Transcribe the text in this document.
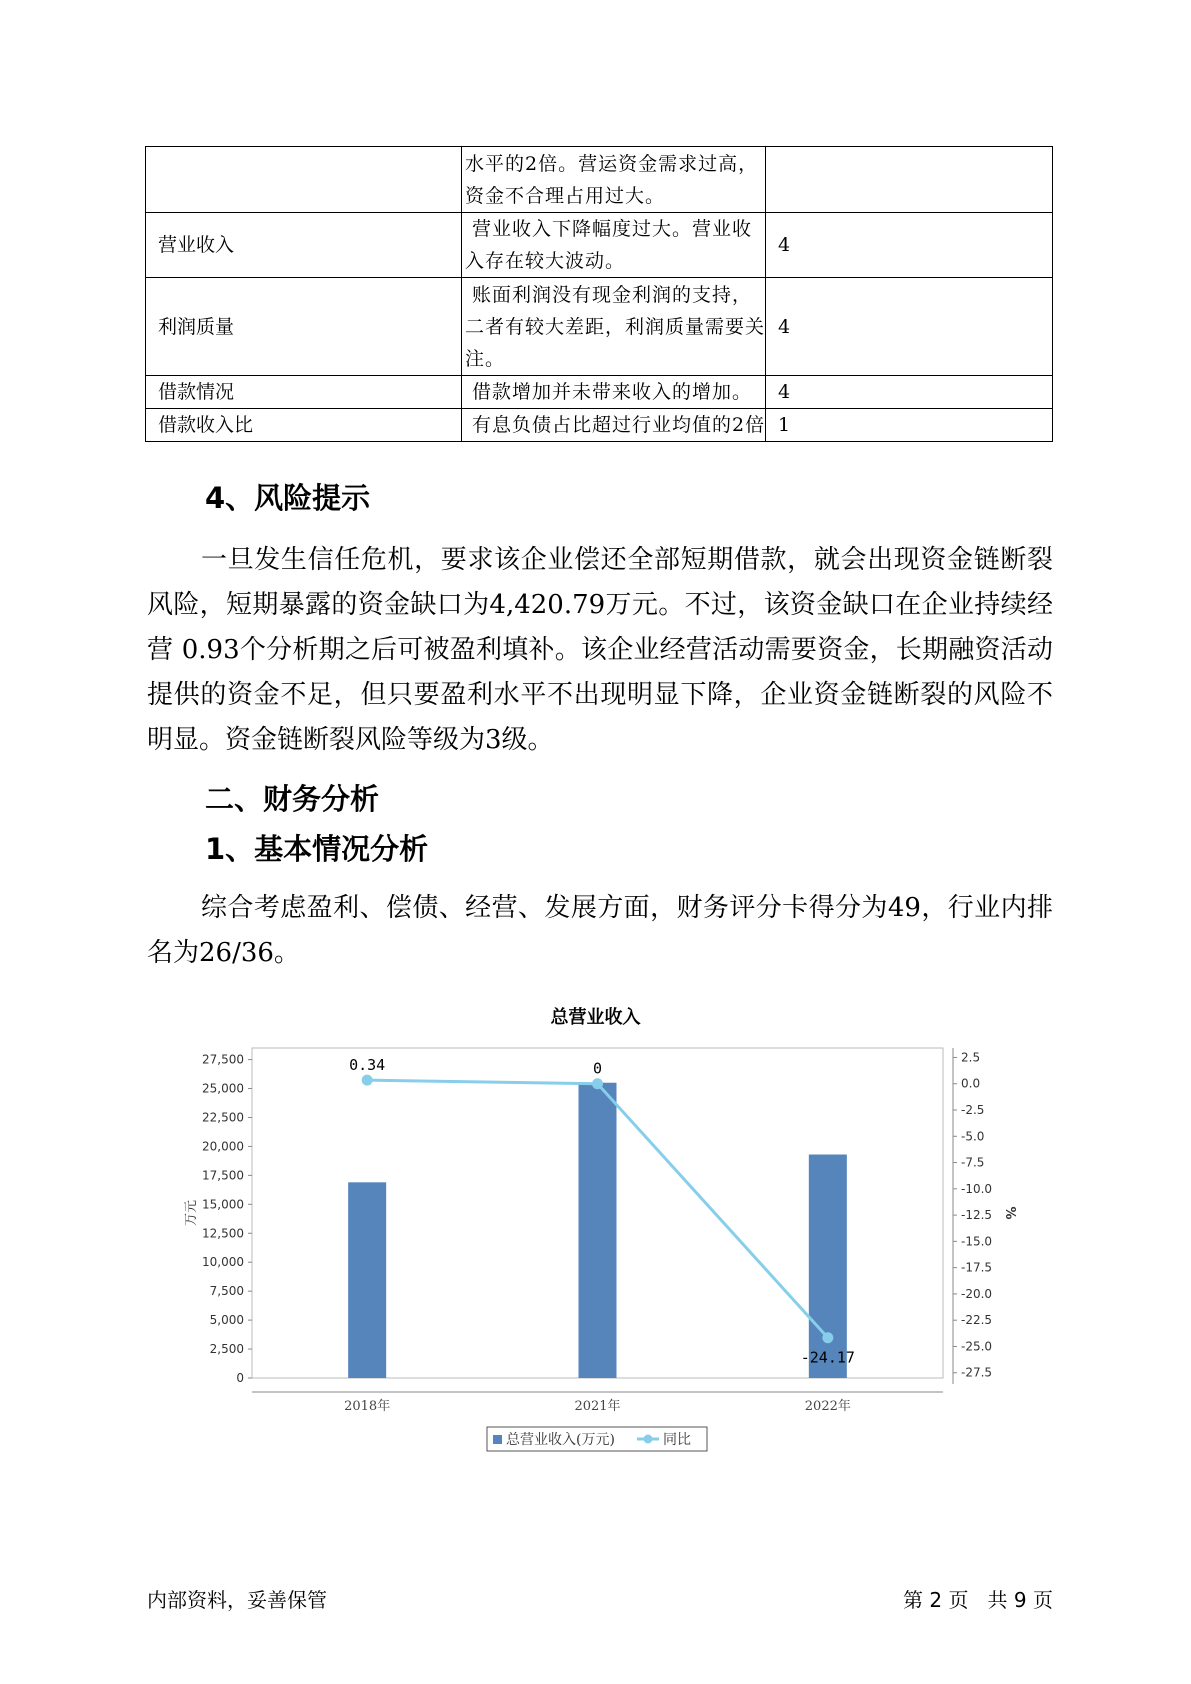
	水平的2倍。营运资金需求过高，
资金不合理占用过大。	

营业收入	营业收入下降幅度过大。营业收
入存在较大波动。	4
利润质量	账面利润没有现金利润的支持，
二者有较大差距，利润质量需要关
注。	4
借款情况	借款增加并未带来收入的增加。	4
借款收入比	有息负债占比超过行业均值的2倍	1
4、风险提示

一旦发生信任危机，要求该企业偿还全部短期借款，就会出现资金链断裂风险，短期暴露的资金缺口为4,420.79万元。不过，该资金缺口在企业持续经营 0.93个分析期之后可被盈利填补。该企业经营活动需要资金，长期融资活动提供的资金不足，但只要盈利水平不出现明显下降，企业资金链断裂的风险不明显。资金链断裂风险等级为3级。

二、财务分析
1、基本情况分析

综合考虑盈利、偿债、经营、发展方面，财务评分卡得分为49，行业内排名为26/36。

总营业收入
0
2,500
5,000
7,500
10,000
12,500
15,000
17,500
20,000
22,500
25,000
27,500	2.5
0.0
-2.5
-5.0
-7.5
-10.0
-12.5
-15.0
-17.5
-20.0
-22.5
-25.0
-27.5
2018年	2021年	2022年
万元	%
0.34	0
-24.17
总营业收入(万元)	同比
内部资料，妥善保管	第 2 页   共 9 页
